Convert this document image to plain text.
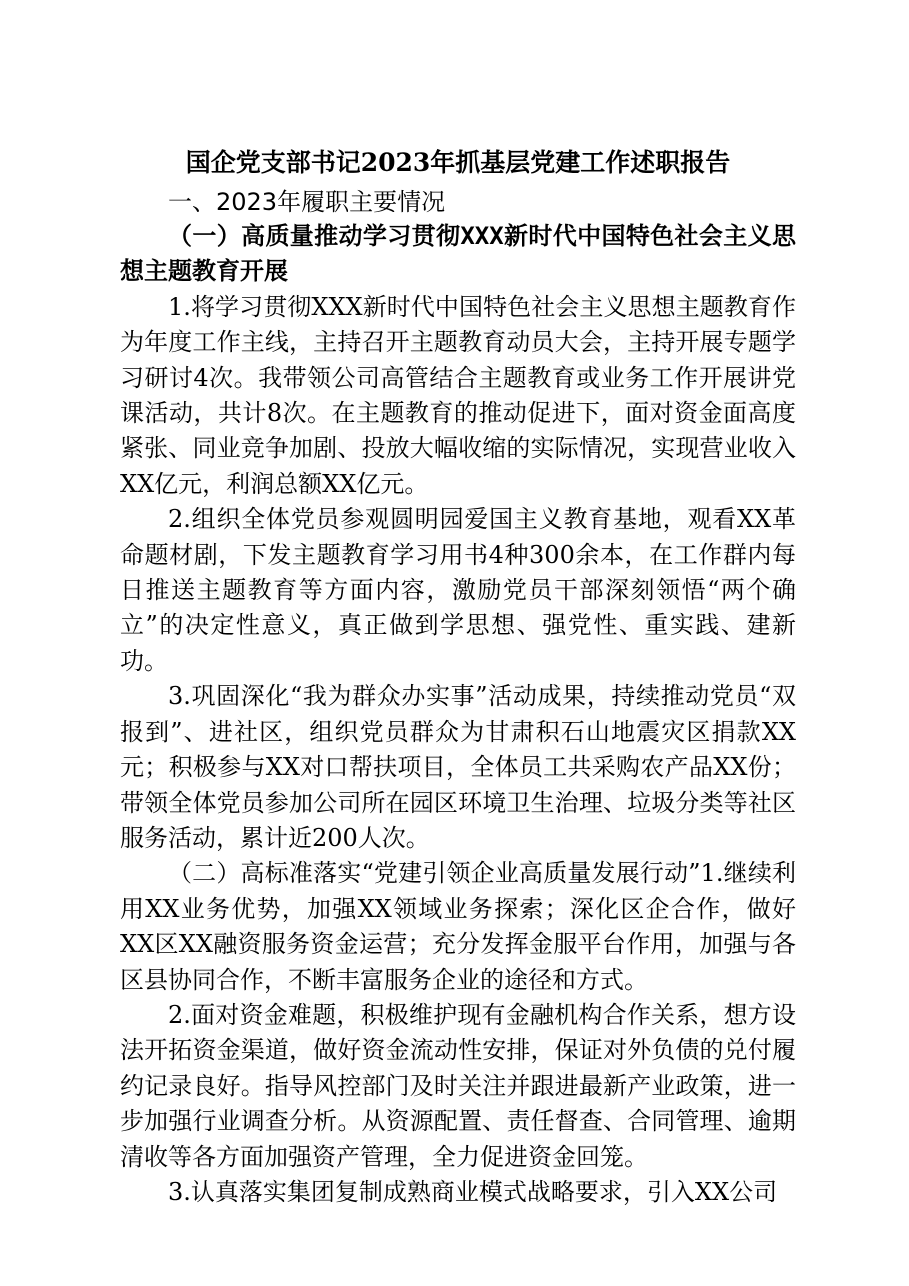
国企党支部书记2023年抓基层党建工作述职报告
一、2023年履职主要情况
（一）高质量推动学习贯彻XXX新时代中国特色社会主义思想主题教育开展

1.将学习贯彻XXX新时代中国特色社会主义思想主题教育作为年度工作主线，主持召开主题教育动员大会，主持开展专题学习研讨4次。我带领公司高管结合主题教育或业务工作开展讲党课活动，共计8次。在主题教育的推动促进下，面对资金面高度紧张、同业竞争加剧、投放大幅收缩的实际情况，实现营业收入XX亿元，利润总额XX亿元。

2.组织全体党员参观圆明园爱国主义教育基地，观看XX革命题材剧，下发主题教育学习用书4种300余本，在工作群内每日推送主题教育等方面内容，激励党员干部深刻领悟“两个确立”的决定性意义，真正做到学思想、强党性、重实践、建新功。

3.巩固深化“我为群众办实事”活动成果，持续推动党员“双报到”、进社区，组织党员群众为甘肃积石山地震灾区捐款XX元；积极参与XX对口帮扶项目，全体员工共采购农产品XX份；带领全体党员参加公司所在园区环境卫生治理、垃圾分类等社区服务活动，累计近200人次。

（二）高标准落实“党建引领企业高质量发展行动”1.继续利用XX业务优势，加强XX领域业务探索；深化区企合作，做好XX区XX融资服务资金运营；充分发挥金服平台作用，加强与各区县协同合作，不断丰富服务企业的途径和方式。

2.面对资金难题，积极维护现有金融机构合作关系，想方设法开拓资金渠道，做好资金流动性安排，保证对外负债的兑付履约记录良好。指导风控部门及时关注并跟进最新产业政策，进一步加强行业调查分析。从资源配置、责任督查、合同管理、逾期清收等各方面加强资产管理，全力促进资金回笼。

3.认真落实集团复制成熟商业模式战略要求，引入XX公司
